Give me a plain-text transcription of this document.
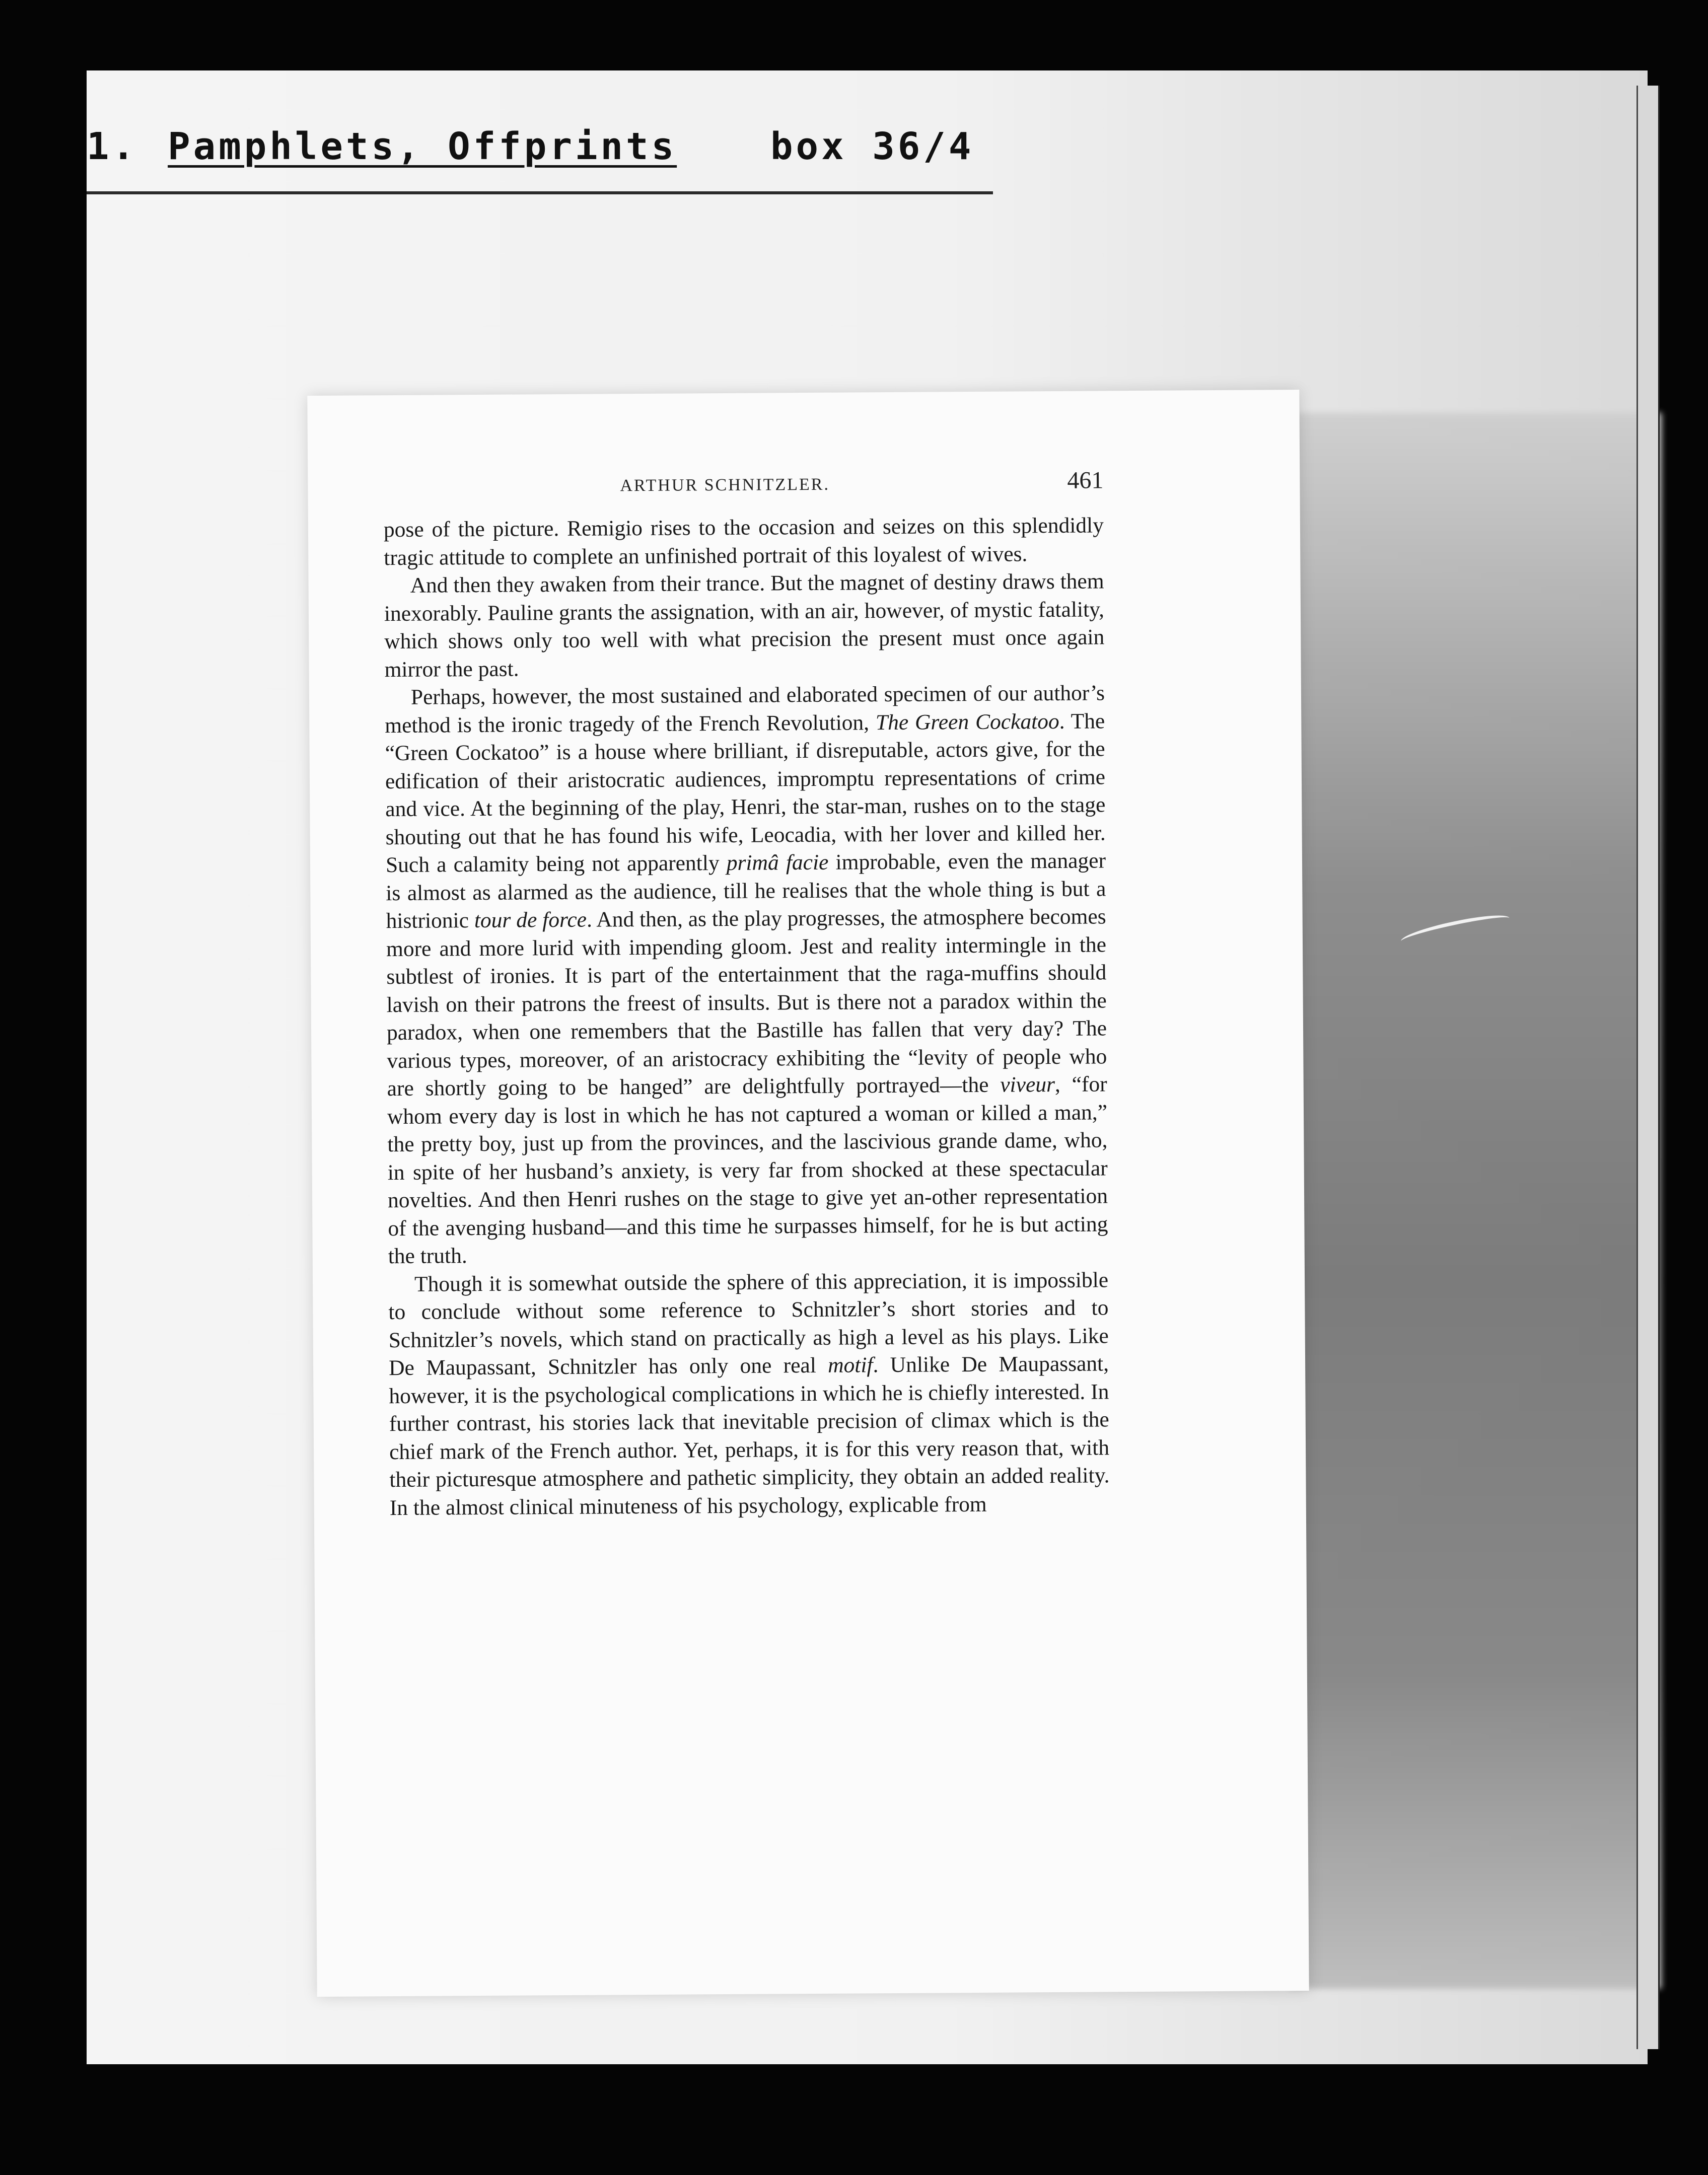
1. Pamphlets, Offprints	box 36/4
ARTHUR SCHNITZLER.	461

pose of the picture. Remigio rises to the occasion and seizes on this splendidly tragic attitude to complete an unfinished portrait of this loyalest of wives.

And then they awaken from their trance. But the magnet of destiny draws them inexorably. Pauline grants the assignation, with an air, however, of mystic fatality, which shows only too well with what precision the present must once again mirror the past.

Perhaps, however, the most sustained and elaborated specimen of our author’s method is the ironic tragedy of the French Revolution, The Green Cockatoo. The “Green Cockatoo” is a house where brilliant, if disreputable, actors give, for the edification of their aristocratic audiences, impromptu representations of crime and vice. At the beginning of the play, Henri, the star-man, rushes on to the stage shouting out that he has found his wife, Leocadia, with her lover and killed her. Such a calamity being not apparently primâ facie improbable, even the manager is almost as alarmed as the audience, till he realises that the whole thing is but a histrionic tour de force. And then, as the play progresses, the atmosphere becomes more and more lurid with impending gloom. Jest and reality intermingle in the subtlest of ironies. It is part of the entertainment that the raga-muffins should lavish on their patrons the freest of insults. But is there not a paradox within the paradox, when one remembers that the Bastille has fallen that very day? The various types, moreover, of an aristocracy exhibiting the “levity of people who are shortly going to be hanged” are delightfully portrayed—the viveur, “for whom every day is lost in which he has not captured a woman or killed a man,” the pretty boy, just up from the provinces, and the lascivious grande dame, who, in spite of her husband’s anxiety, is very far from shocked at these spectacular novelties. And then Henri rushes on the stage to give yet an-other representation of the avenging husband—and this time he surpasses himself, for he is but acting the truth.

Though it is somewhat outside the sphere of this appreciation, it is impossible to conclude without some reference to Schnitzler’s short stories and to Schnitzler’s novels, which stand on practically as high a level as his plays. Like De Maupassant, Schnitzler has only one real motif. Unlike De Maupassant, however, it is the psychological complications in which he is chiefly interested. In further contrast, his stories lack that inevitable precision of climax which is the chief mark of the French author. Yet, perhaps, it is for this very reason that, with their picturesque atmosphere and pathetic simplicity, they obtain an added reality. In the almost clinical minuteness of his psychology, explicable from
